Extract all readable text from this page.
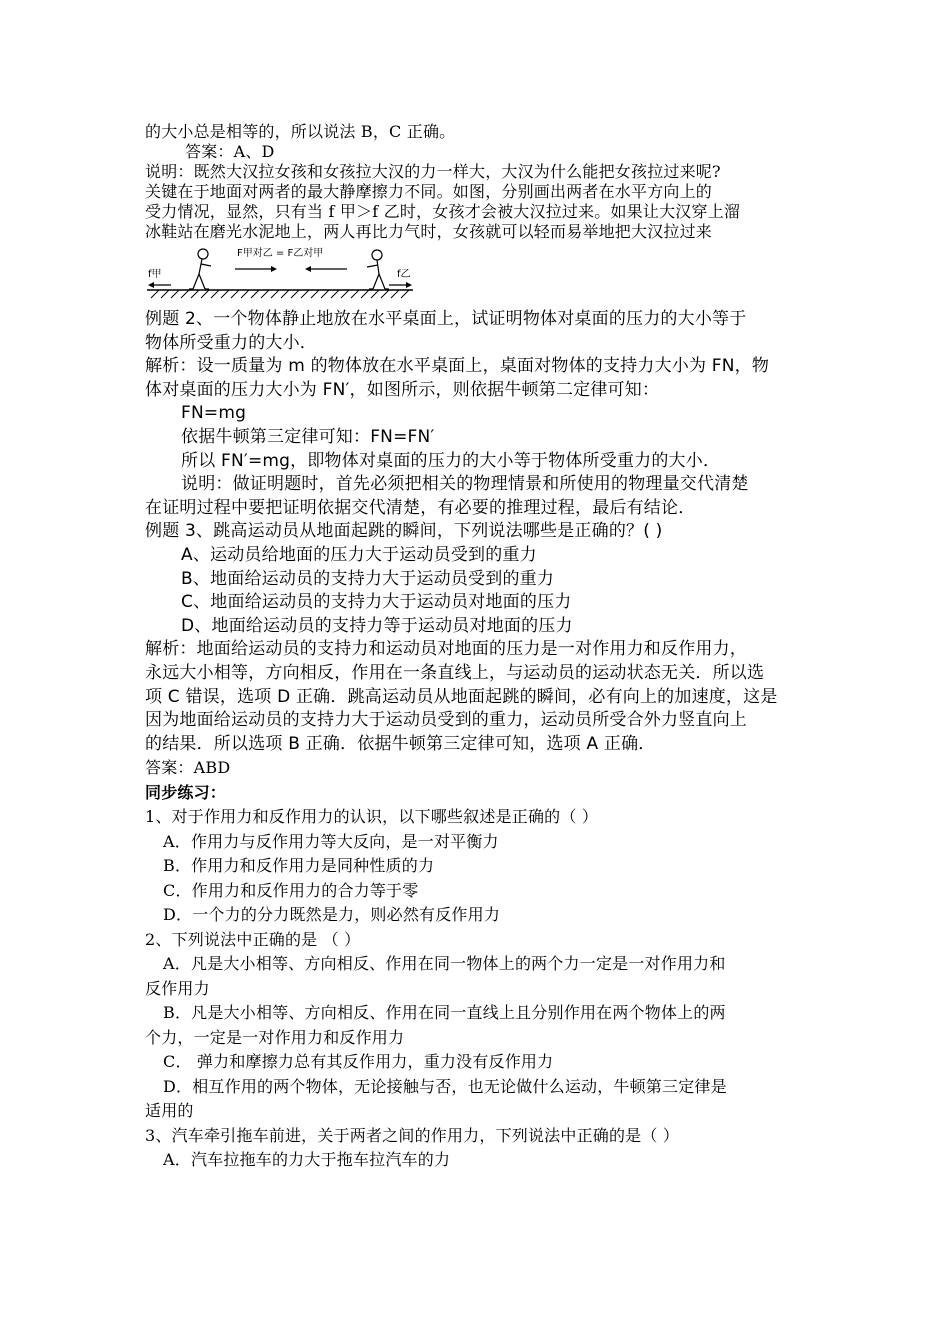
的大小总是相等的，所以说法 B，C 正确。
答案：A、D
说明：既然大汉拉女孩和女孩拉大汉的力一样大，大汉为什么能把女孩拉过来呢?
关键在于地面对两者的最大静摩擦力不同。如图，分别画出两者在水平方向上的
受力情况，显然，只有当 f 甲＞f 乙时，女孩才会被大汉拉过来。如果让大汉穿上溜
冰鞋站在磨光水泥地上，两人再比力气时，女孩就可以轻而易举地把大汉拉过来
f甲
F甲对乙 = F乙对甲
f乙
例题 2、一个物体静止地放在水平桌面上，试证明物体对桌面的压力的大小等于
物体所受重力的大小．
解析：设一质量为 m 的物体放在水平桌面上，桌面对物体的支持力大小为 FN，物
体对桌面的压力大小为 FN′，如图所示，则依据牛顿第二定律可知：
FN=mg
依据牛顿第三定律可知：FN=FN′
所以 FN′=mg，即物体对桌面的压力的大小等于物体所受重力的大小．
说明：做证明题时，首先必须把相关的物理情景和所使用的物理量交代清楚
在证明过程中要把证明依据交代清楚，有必要的推理过程，最后有结论．
例题 3、跳高运动员从地面起跳的瞬间，下列说法哪些是正确的？( )
A、运动员给地面的压力大于运动员受到的重力
B、地面给运动员的支持力大于运动员受到的重力
C、地面给运动员的支持力大于运动员对地面的压力
D、地面给运动员的支持力等于运动员对地面的压力
解析：地面给运动员的支持力和运动员对地面的压力是一对作用力和反作用力，
永远大小相等，方向相反，作用在一条直线上，与运动员的运动状态无关．所以选
项 C 错误，选项 D 正确．跳高运动员从地面起跳的瞬间，必有向上的加速度，这是
因为地面给运动员的支持力大于运动员受到的重力，运动员所受合外力竖直向上
的结果．所以选项 B 正确．依据牛顿第三定律可知，选项 A 正确．
答案：ABD
同步练习：
1、对于作用力和反作用力的认识，以下哪些叙述是正确的（ ）
A．作用力与反作用力等大反向，是一对平衡力
B．作用力和反作用力是同种性质的力
C．作用力和反作用力的合力等于零
D．一个力的分力既然是力，则必然有反作用力
2、下列说法中正确的是 （ ）
A．凡是大小相等、方向相反、作用在同一物体上的两个力一定是一对作用力和
反作用力
B．凡是大小相等、方向相反、作用在同一直线上且分别作用在两个物体上的两
个力，一定是一对作用力和反作用力
C． 弹力和摩擦力总有其反作用力，重力没有反作用力
D．相互作用的两个物体，无论接触与否，也无论做什么运动，牛顿第三定律是
适用的
3、汽车牵引拖车前进，关于两者之间的作用力，下列说法中正确的是（ ）
A．汽车拉拖车的力大于拖车拉汽车的力
